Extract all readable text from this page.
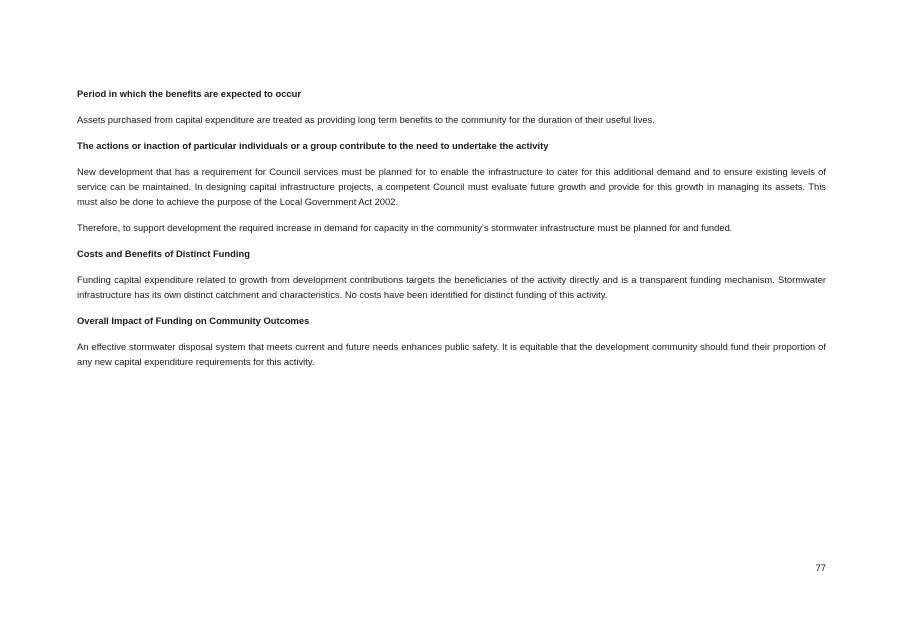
Period in which the benefits are expected to occur
Assets purchased from capital expenditure are treated as providing long term benefits to the community for the duration of their useful lives.
The actions or inaction of particular individuals or a group contribute to the need to undertake the activity
New development that has a requirement for Council services must be planned for to enable the infrastructure to cater for this additional demand and to ensure existing levels of service can be maintained. In designing capital infrastructure projects, a competent Council must evaluate future growth and provide for this growth in managing its assets. This must also be done to achieve the purpose of the Local Government Act 2002.
Therefore, to support development the required increase in demand for capacity in the community’s stormwater infrastructure must be planned for and funded.
Costs and Benefits of Distinct Funding
Funding capital expenditure related to growth from development contributions targets the beneficiaries of the activity directly and is a transparent funding mechanism. Stormwater infrastructure has its own distinct catchment and characteristics. No costs have been identified for distinct funding of this activity.
Overall Impact of Funding on Community Outcomes
An effective stormwater disposal system that meets current and future needs enhances public safety. It is equitable that the development community should fund their proportion of any new capital expenditure requirements for this activity.
77
